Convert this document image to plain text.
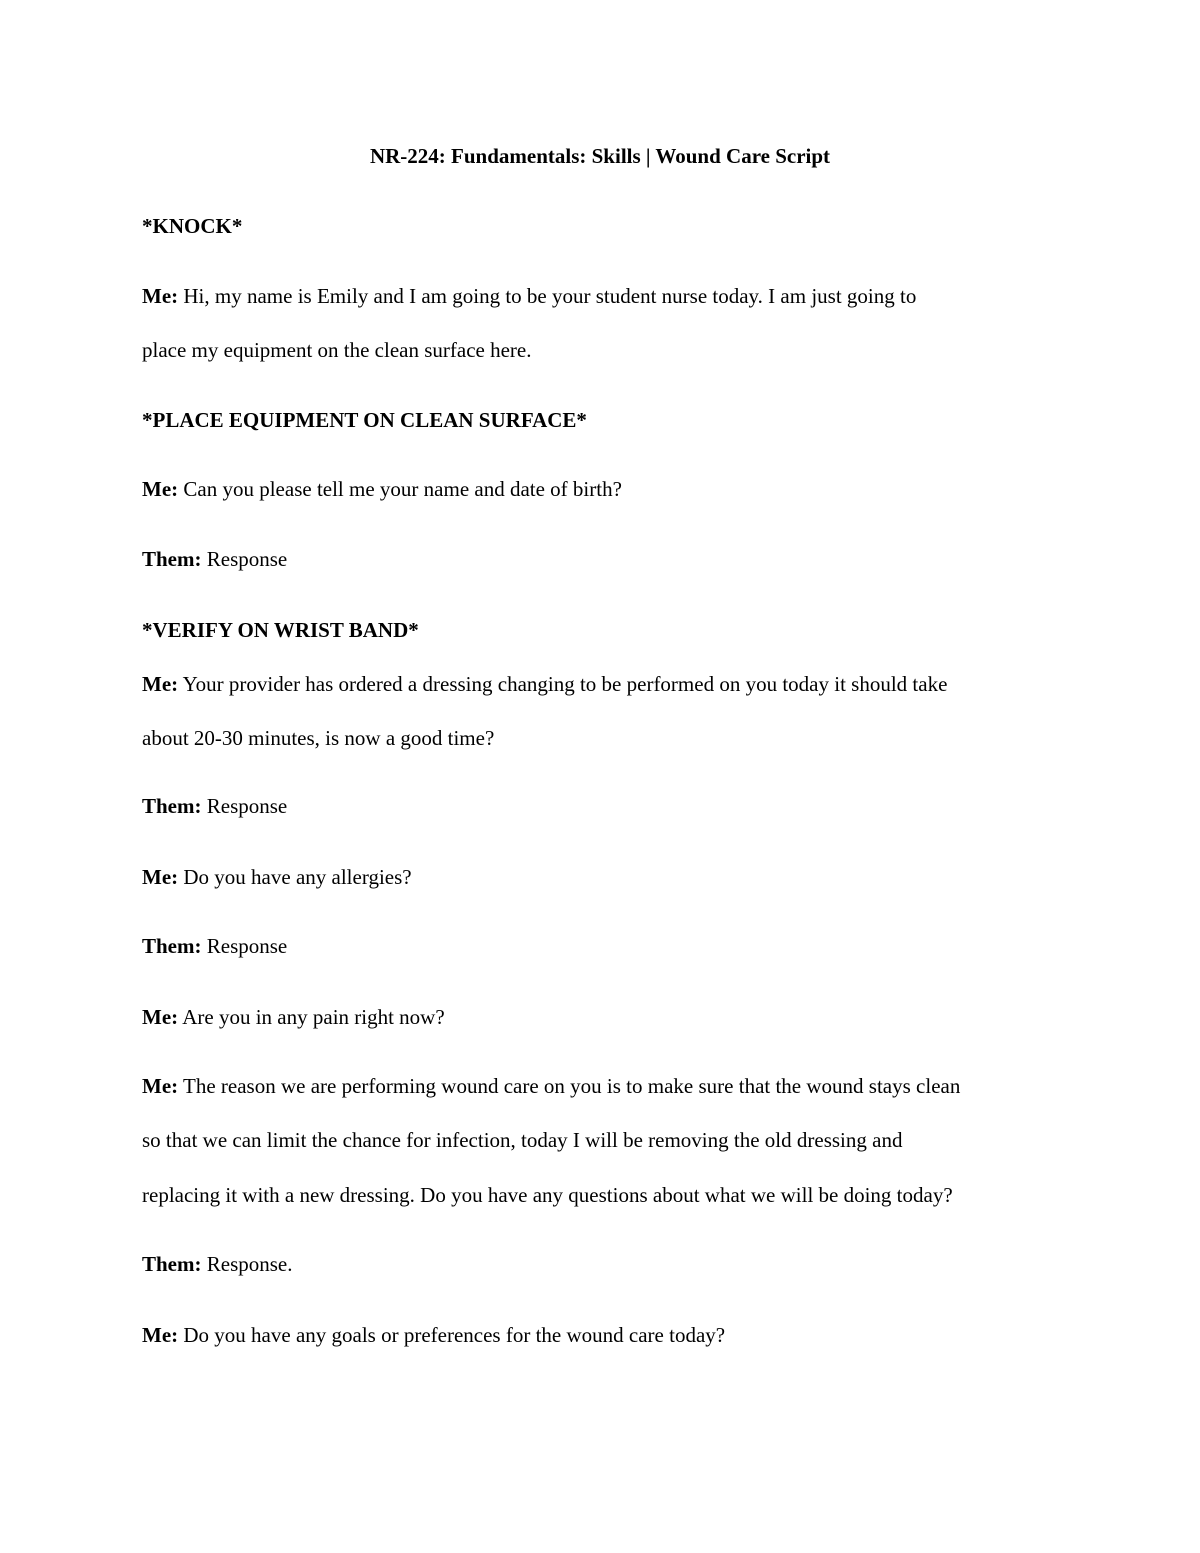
NR-224: Fundamentals: Skills | Wound Care Script

*KNOCK*

Me: Hi, my name is Emily and I am going to be your student nurse today. I am just going to

place my equipment on the clean surface here.

*PLACE EQUIPMENT ON CLEAN SURFACE*

Me: Can you please tell me your name and date of birth?

Them: Response

*VERIFY ON WRIST BAND*

Me: Your provider has ordered a dressing changing to be performed on you today it should take

about 20-30 minutes, is now a good time?

Them: Response

Me: Do you have any allergies?

Them: Response

Me: Are you in any pain right now?

Me: The reason we are performing wound care on you is to make sure that the wound stays clean

so that we can limit the chance for infection, today I will be removing the old dressing and

replacing it with a new dressing. Do you have any questions about what we will be doing today?

Them: Response.

Me: Do you have any goals or preferences for the wound care today?
